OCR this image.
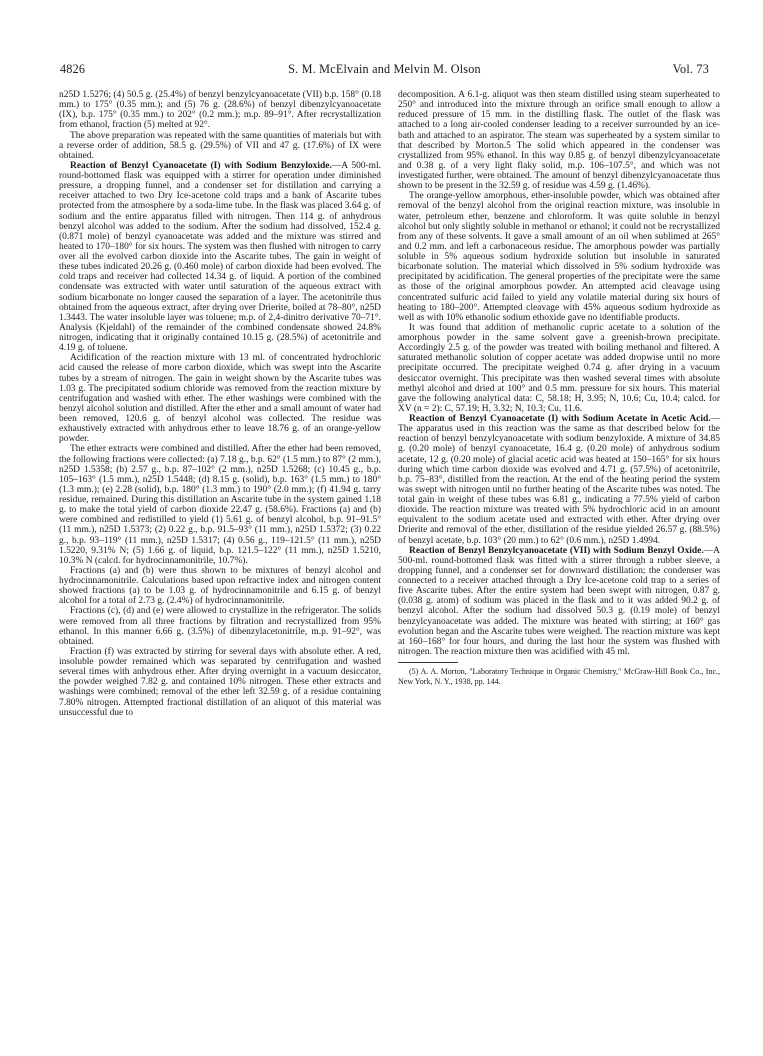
4826	S. M. McElvain and Melvin M. Olson	Vol. 73

n25D 1.5276; (4) 50.5 g. (25.4%) of benzyl benzylcyanoacetate (VII) b.p. 158° (0.18 mm.) to 175° (0.35 mm.); and (5) 76 g. (28.6%) of benzyl dibenzylcyanoacetate (IX), b.p. 175° (0.35 mm.) to 202° (0.2 mm.); m.p. 89–91°. After recrystallization from ethanol, fraction (5) melted at 92°.

The above preparation was repeated with the same quantities of materials but with a reverse order of addition, 58.5 g. (29.5%) of VII and 47 g. (17.6%) of IX were obtained.

Reaction of Benzyl Cyanoacetate (I) with Sodium Benzyloxide.—A 500-ml. round-bottomed flask was equipped with a stirrer for operation under diminished pressure, a dropping funnel, and a condenser set for distillation and carrying a receiver attached to two Dry Ice-acetone cold traps and a bank of Ascarite tubes protected from the atmosphere by a soda-lime tube. In the flask was placed 3.64 g. of sodium and the entire apparatus filled with nitrogen. Then 114 g. of anhydrous benzyl alcohol was added to the sodium. After the sodium had dissolved, 152.4 g. (0.871 mole) of benzyl cyanoacetate was added and the mixture was stirred and heated to 170–180° for six hours. The system was then flushed with nitrogen to carry over all the evolved carbon dioxide into the Ascarite tubes. The gain in weight of these tubes indicated 20.26 g. (0.460 mole) of carbon dioxide had been evolved. The cold traps and receiver had collected 14.34 g. of liquid. A portion of the combined condensate was extracted with water until saturation of the aqueous extract with sodium bicarbonate no longer caused the separation of a layer. The acetonitrile thus obtained from the aqueous extract, after drying over Drierite, boiled at 78–80°, n25D 1.3443. The water insoluble layer was toluene; m.p. of 2,4-dinitro derivative 70–71°. Analysis (Kjeldahl) of the remainder of the combined condensate showed 24.8% nitrogen, indicating that it originally contained 10.15 g. (28.5%) of acetonitrile and 4.19 g. of toluene.

Acidification of the reaction mixture with 13 ml. of concentrated hydrochloric acid caused the release of more carbon dioxide, which was swept into the Ascarite tubes by a stream of nitrogen. The gain in weight shown by the Ascarite tubes was 1.03 g. The precipitated sodium chloride was removed from the reaction mixture by centrifugation and washed with ether. The ether washings were combined with the benzyl alcohol solution and distilled. After the ether and a small amount of water had been removed, 120.6 g. of benzyl alcohol was collected. The residue was exhaustively extracted with anhydrous ether to leave 18.76 g. of an orange-yellow powder.

The ether extracts were combined and distilled. After the ether had been removed, the following fractions were collected: (a) 7.18 g., b.p. 62° (1.5 mm.) to 87° (2 mm.), n25D 1.5358; (b) 2.57 g., b.p. 87–102° (2 mm.), n25D 1.5268; (c) 10.45 g., b.p. 105–163° (1.5 mm.), n25D 1.5448; (d) 8.15 g. (solid), b.p. 163° (1.5 mm.) to 180° (1.3 mm.); (e) 2.28 (solid), b.p. 180° (1.3 mm.) to 190° (2.0 mm.); (f) 41.94 g. tarry residue, remained. During this distillation an Ascarite tube in the system gained 1.18 g. to make the total yield of carbon dioxide 22.47 g. (58.6%). Fractions (a) and (b) were combined and redistilled to yield (1) 5.61 g. of benzyl alcohol, b.p. 91–91.5° (11 mm.), n25D 1.5373; (2) 0.22 g., b.p. 91.5–93° (11 mm.), n25D 1.5372; (3) 0.22 g., b.p. 93–119° (11 mm.), n25D 1.5317; (4) 0.56 g., 119–121.5° (11 mm.), n25D 1.5220, 9.31% N; (5) 1.66 g. of liquid, b.p. 121.5–122° (11 mm.), n25D 1.5210, 10.3% N (calcd. for hydrocinnamonitrile, 10.7%).

Fractions (a) and (b) were thus shown to be mixtures of benzyl alcohol and hydrocinnamonitrile. Calculations based upon refractive index and nitrogen content showed fractions (a) to be 1.03 g. of hydrocinnamonitrile and 6.15 g. of benzyl alcohol for a total of 2.73 g. (2.4%) of hydrocinnamonitrile.

Fractions (c), (d) and (e) were allowed to crystallize in the refrigerator. The solids were removed from all three fractions by filtration and recrystallized from 95% ethanol. In this manner 6.66 g. (3.5%) of dibenzylacetonitrile, m.p. 91–92°, was obtained.

Fraction (f) was extracted by stirring for several days with absolute ether. A red, insoluble powder remained which was separated by centrifugation and washed several times with anhydrous ether. After drying overnight in a vacuum desiccator, the powder weighed 7.82 g. and contained 10% nitrogen. These ether extracts and washings were combined; removal of the ether left 32.59 g. of a residue containing 7.80% nitrogen. Attempted fractional distillation of an aliquot of this material was unsuccessful due to

decomposition. A 6.1-g. aliquot was then steam distilled using steam superheated to 250° and introduced into the mixture through an orifice small enough to allow a reduced pressure of 15 mm. in the distilling flask. The outlet of the flask was attached to a long air-cooled condenser leading to a receiver surrounded by an ice-bath and attached to an aspirator. The steam was superheated by a system similar to that described by Morton.5 The solid which appeared in the condenser was crystallized from 95% ethanol. In this way 0.85 g. of benzyl dibenzylcyanoacetate and 0.38 g. of a very light flaky solid, m.p. 106–107.5°, and which was not investigated further, were obtained. The amount of benzyl dibenzylcyanoacetate thus shown to be present in the 32.59 g. of residue was 4.59 g. (1.46%).

The orange-yellow amorphous, ether-insoluble powder, which was obtained after removal of the benzyl alcohol from the original reaction mixture, was insoluble in water, petroleum ether, benzene and chloroform. It was quite soluble in benzyl alcohol but only slightly soluble in methanol or ethanol; it could not be recrystallized from any of these solvents. It gave a small amount of an oil when sublimed at 265° and 0.2 mm. and left a carbonaceous residue. The amorphous powder was partially soluble in 5% aqueous sodium hydroxide solution but insoluble in saturated bicarbonate solution. The material which dissolved in 5% sodium hydroxide was precipitated by acidification. The general properties of the precipitate were the same as those of the original amorphous powder. An attempted acid cleavage using concentrated sulfuric acid failed to yield any volatile material during six hours of heating to 180–200°. Attempted cleavage with 45% aqueous sodium hydroxide as well as with 10% ethanolic sodium ethoxide gave no identifiable products.

It was found that addition of methanolic cupric acetate to a solution of the amorphous powder in the same solvent gave a greenish-brown precipitate. Accordingly 2.5 g. of the powder was treated with boiling methanol and filtered. A saturated methanolic solution of copper acetate was added dropwise until no more precipitate occurred. The precipitate weighed 0.74 g. after drying in a vacuum desiccator overnight. This precipitate was then washed several times with absolute methyl alcohol and dried at 100° and 0.5 mm. pressure for six hours. This material gave the following analytical data: C, 58.18; H, 3.95; N, 10.6; Cu, 10.4; calcd. for XV (n = 2): C, 57.19; H, 3.32; N, 10.3; Cu, 11.6.

Reaction of Benzyl Cyanoacetate (I) with Sodium Acetate in Acetic Acid.—The apparatus used in this reaction was the same as that described below for the reaction of benzyl benzylcyanoacetate with sodium benzyloxide. A mixture of 34.85 g. (0.20 mole) of benzyl cyanoacetate, 16.4 g. (0.20 mole) of anhydrous sodium acetate, 12 g. (0.20 mole) of glacial acetic acid was heated at 150–165° for six hours during which time carbon dioxide was evolved and 4.71 g. (57.5%) of acetonitrile, b.p. 75–83°, distilled from the reaction. At the end of the heating period the system was swept with nitrogen until no further heating of the Ascarite tubes was noted. The total gain in weight of these tubes was 6.81 g., indicating a 77.5% yield of carbon dioxide. The reaction mixture was treated with 5% hydrochloric acid in an amount equivalent to the sodium acetate used and extracted with ether. After drying over Drierite and removal of the ether, distillation of the residue yielded 26.57 g. (88.5%) of benzyl acetate, b.p. 103° (20 mm.) to 62° (0.6 mm.), n25D 1.4994.

Reaction of Benzyl Benzylcyanoacetate (VII) with Sodium Benzyl Oxide.—A 500-ml. round-bottomed flask was fitted with a stirrer through a rubber sleeve, a dropping funnel, and a condenser set for downward distillation; the condenser was connected to a receiver attached through a Dry Ice-acetone cold trap to a series of five Ascarite tubes. After the entire system had been swept with nitrogen, 0.87 g. (0.038 g. atom) of sodium was placed in the flask and to it was added 90.2 g. of benzyl alcohol. After the sodium had dissolved 50.3 g. (0.19 mole) of benzyl benzylcyanoacetate was added. The mixture was heated with stirring; at 160° gas evolution began and the Ascarite tubes were weighed. The reaction mixture was kept at 160–168° for four hours, and during the last hour the system was flushed with nitrogen. The reaction mixture then was acidified with 45 ml.

(5) A. A. Morton, "Laboratory Technique in Organic Chemistry," McGraw-Hill Book Co., Inc., New York, N. Y., 1938, pp. 144.
